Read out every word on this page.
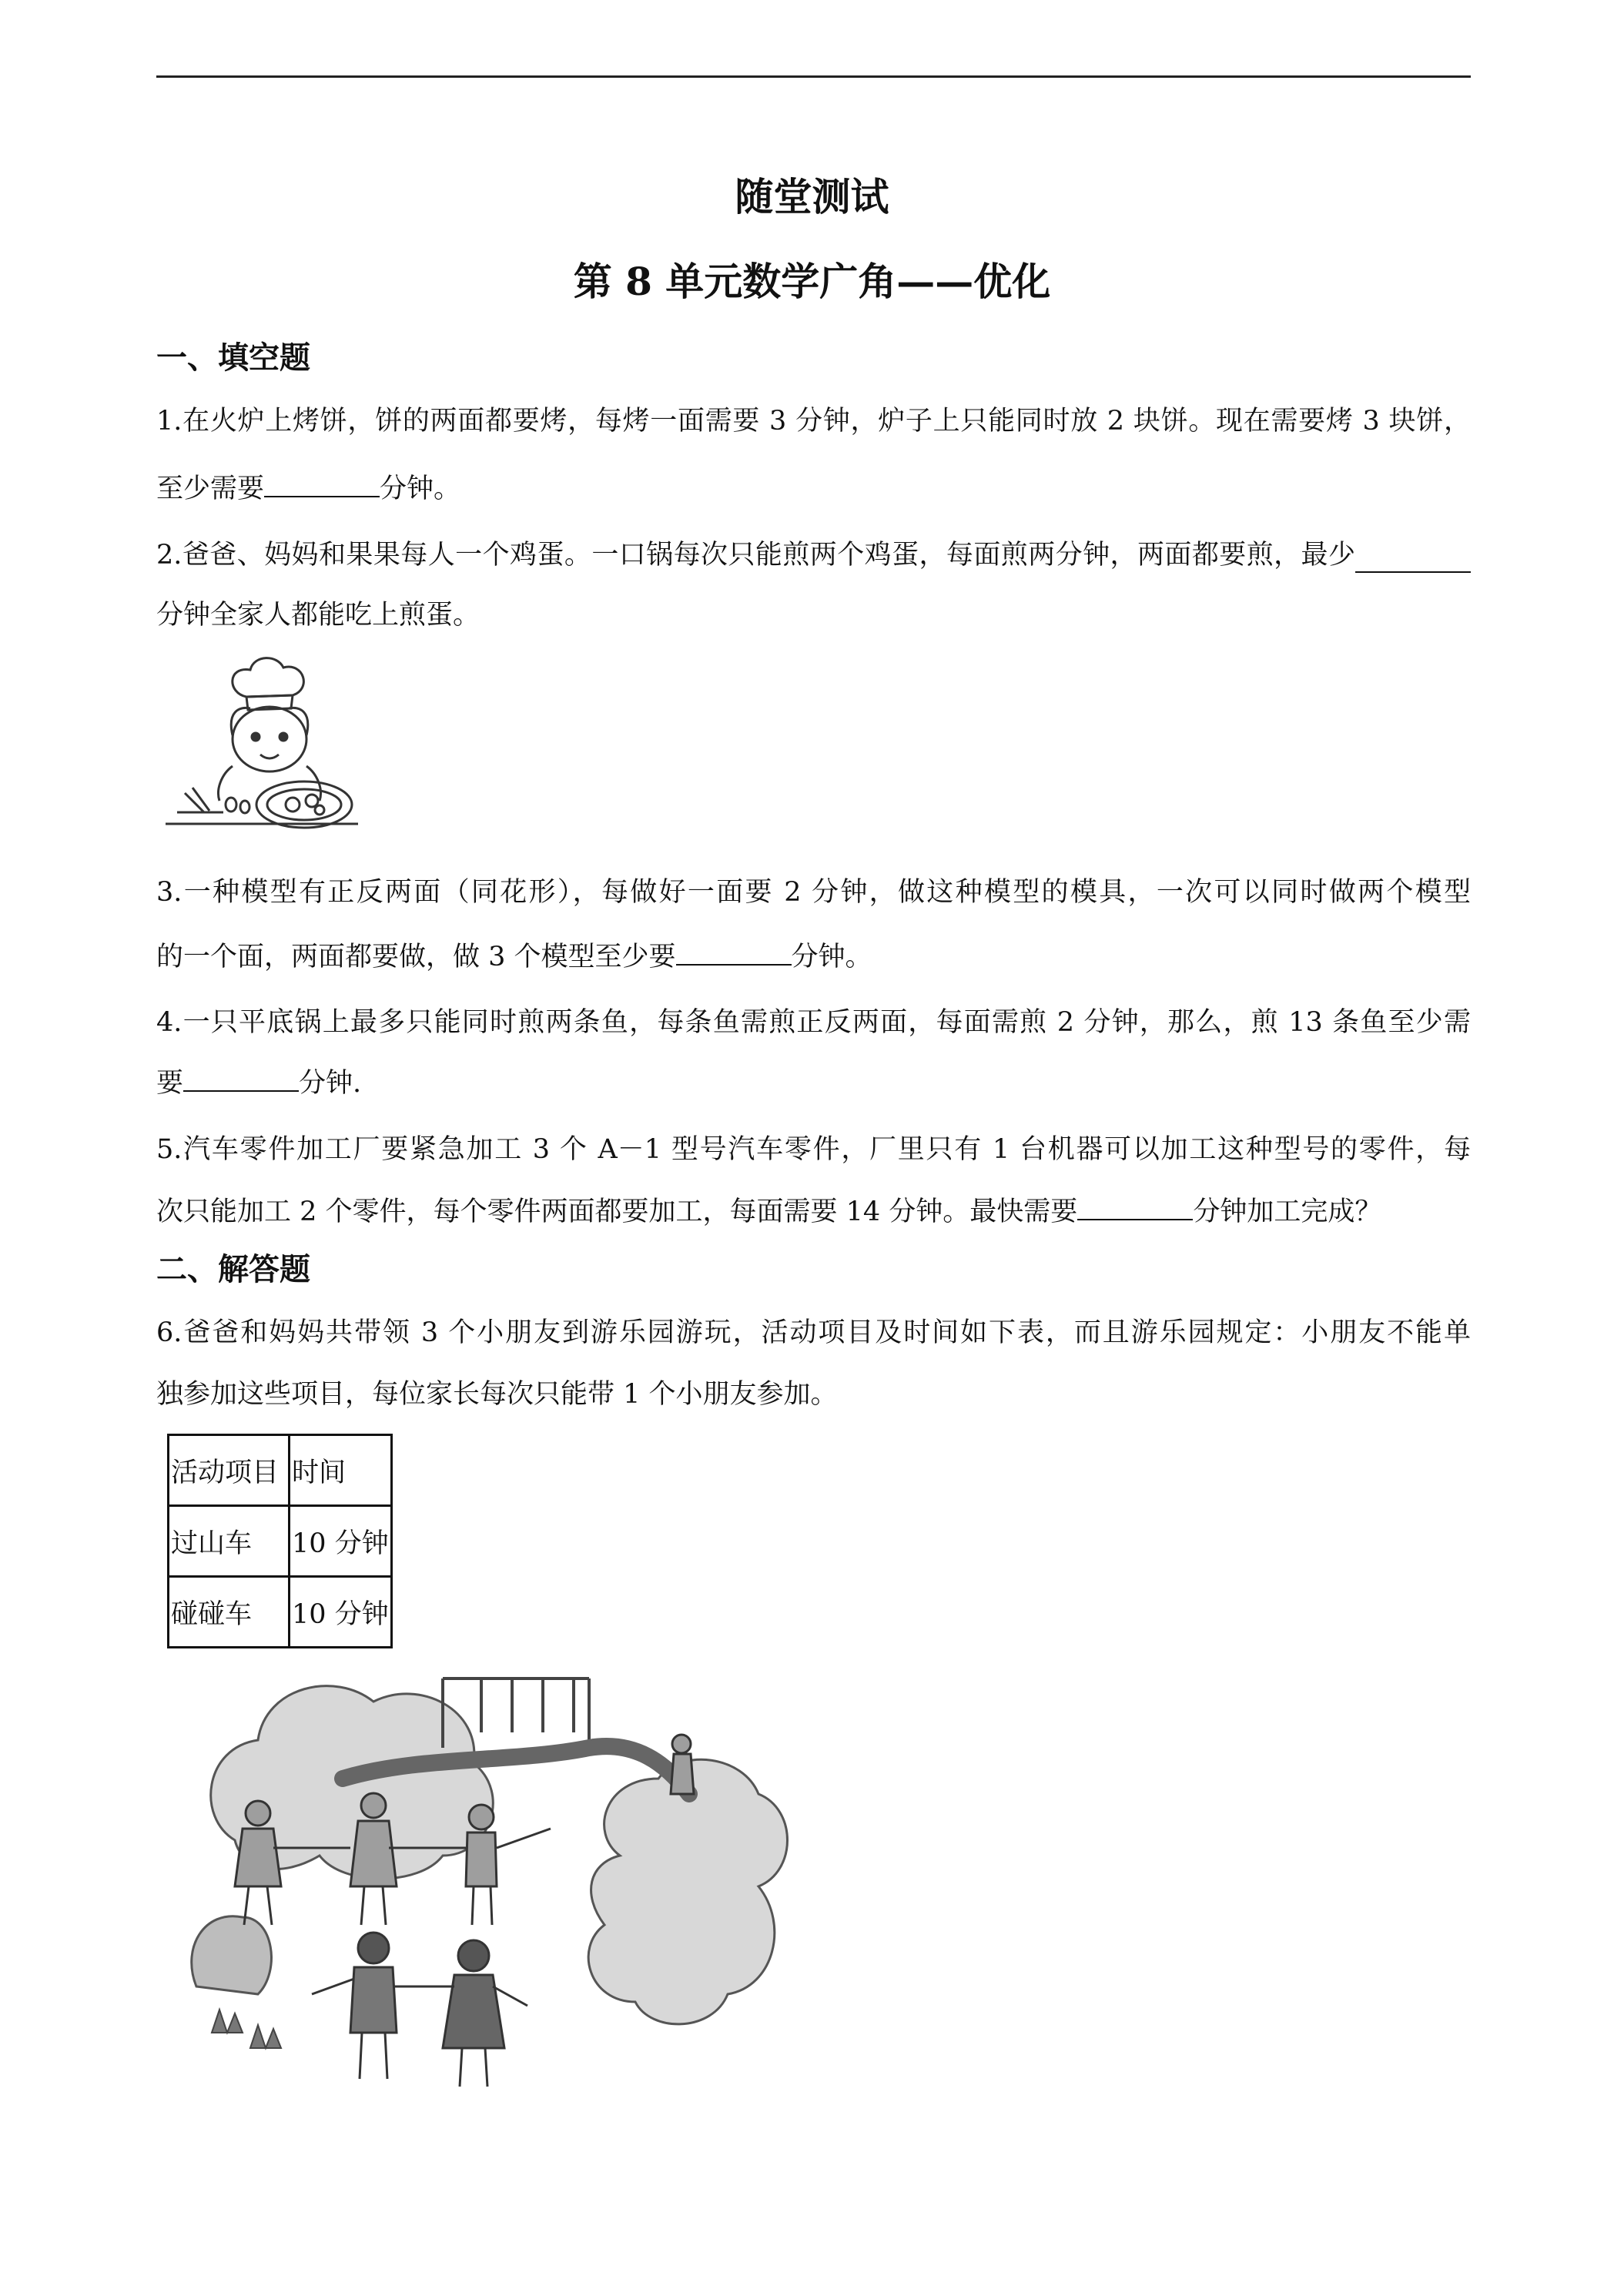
随堂测试
第 8 单元数学广角——优化
一、填空题
1.在火炉上烤饼，饼的两面都要烤，每烤一面需要 3 分钟，炉子上只能同时放 2 块饼。现在需要烤 3 块饼，
至少需要	分钟。
2.爸爸、妈妈和果果每人一个鸡蛋。一口锅每次只能煎两个鸡蛋，每面煎两分钟，两面都要煎，最少
分钟全家人都能吃上煎蛋。
3.一种模型有正反两面（同花形），每做好一面要 2 分钟，做这种模型的模具，一次可以同时做两个模型
的一个面，两面都要做，做 3 个模型至少要	分钟。
4.一只平底锅上最多只能同时煎两条鱼，每条鱼需煎正反两面，每面需煎 2 分钟，那么，煎 13 条鱼至少需
要	分钟.
5.汽车零件加工厂要紧急加工 3 个 A－1 型号汽车零件，厂里只有 1 台机器可以加工这种型号的零件，每
次只能加工 2 个零件，每个零件两面都要加工，每面需要 14 分钟。最快需要	分钟加工完成？
二、解答题
6.爸爸和妈妈共带领 3 个小朋友到游乐园游玩，活动项目及时间如下表，而且游乐园规定：小朋友不能单
独参加这些项目，每位家长每次只能带 1 个小朋友参加。
活动项目	时间
过山车	10 分钟
碰碰车	10 分钟
